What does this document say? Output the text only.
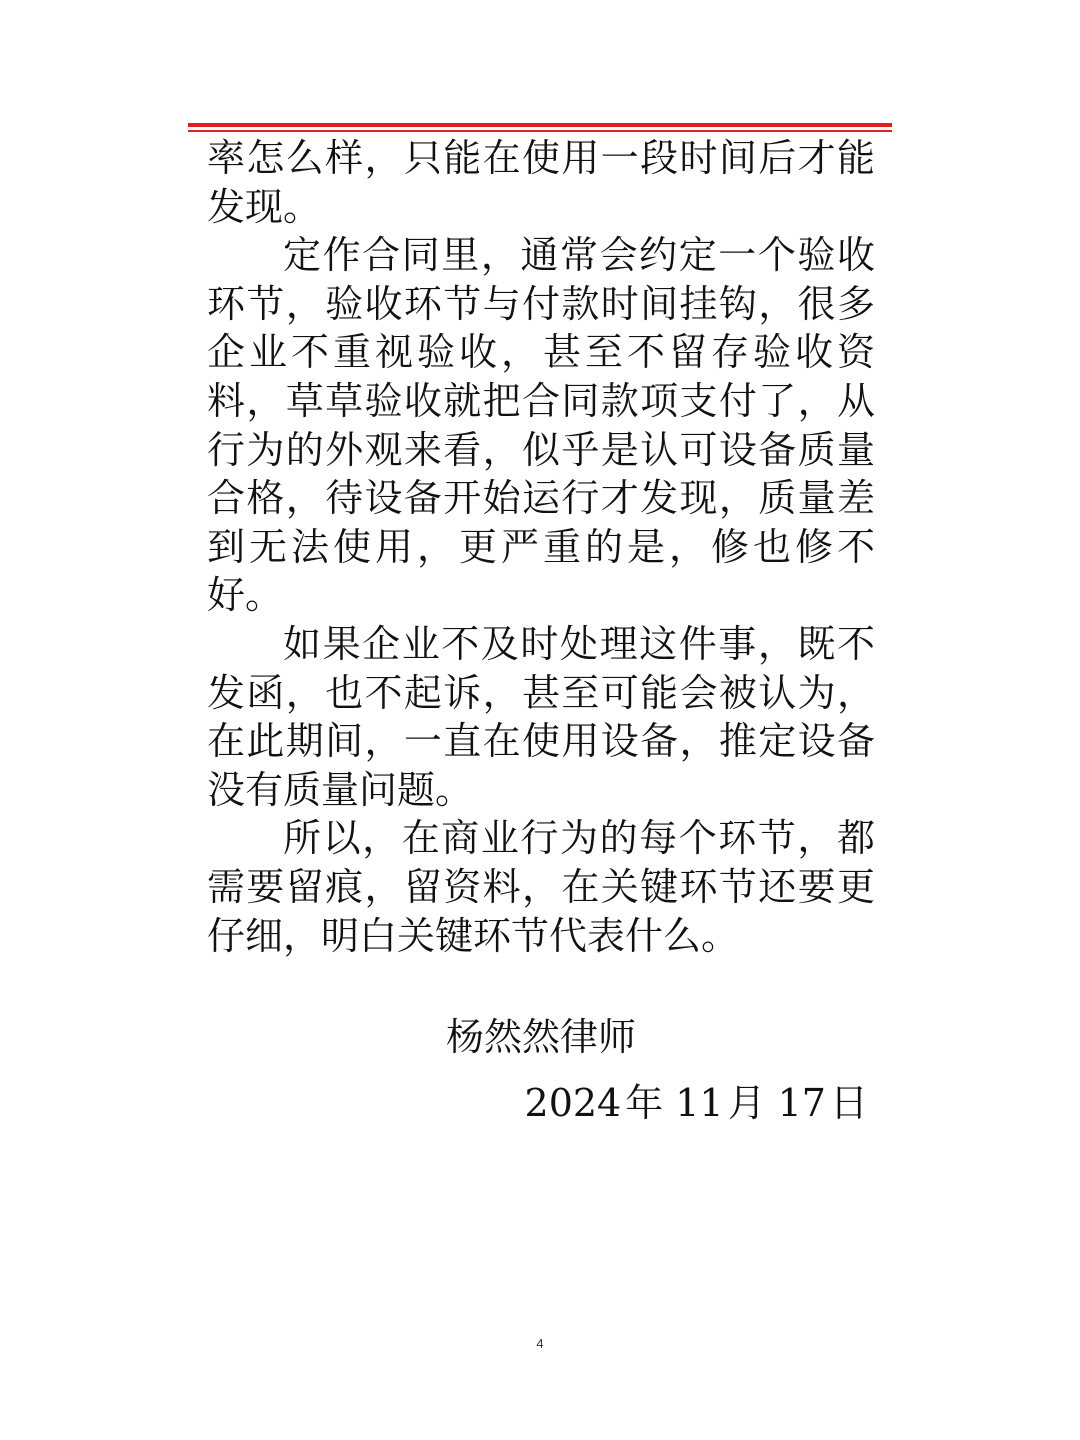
率怎么样，只能在使用一段时间后才能发现。

定作合同里，通常会约定一个验收环节，验收环节与付款时间挂钩，很多企业不重视验收，甚至不留存验收资料，草草验收就把合同款项支付了，从行为的外观来看，似乎是认可设备质量合格，待设备开始运行才发现，质量差到无法使用，更严重的是，修也修不好。

如果企业不及时处理这件事，既不发函，也不起诉，甚至可能会被认为，在此期间，一直在使用设备，推定设备没有质量问题。

所以，在商业行为的每个环节，都需要留痕，留资料，在关键环节还要更仔细，明白关键环节代表什么。

杨然然律师
2024 年 11 月 17 日
4
